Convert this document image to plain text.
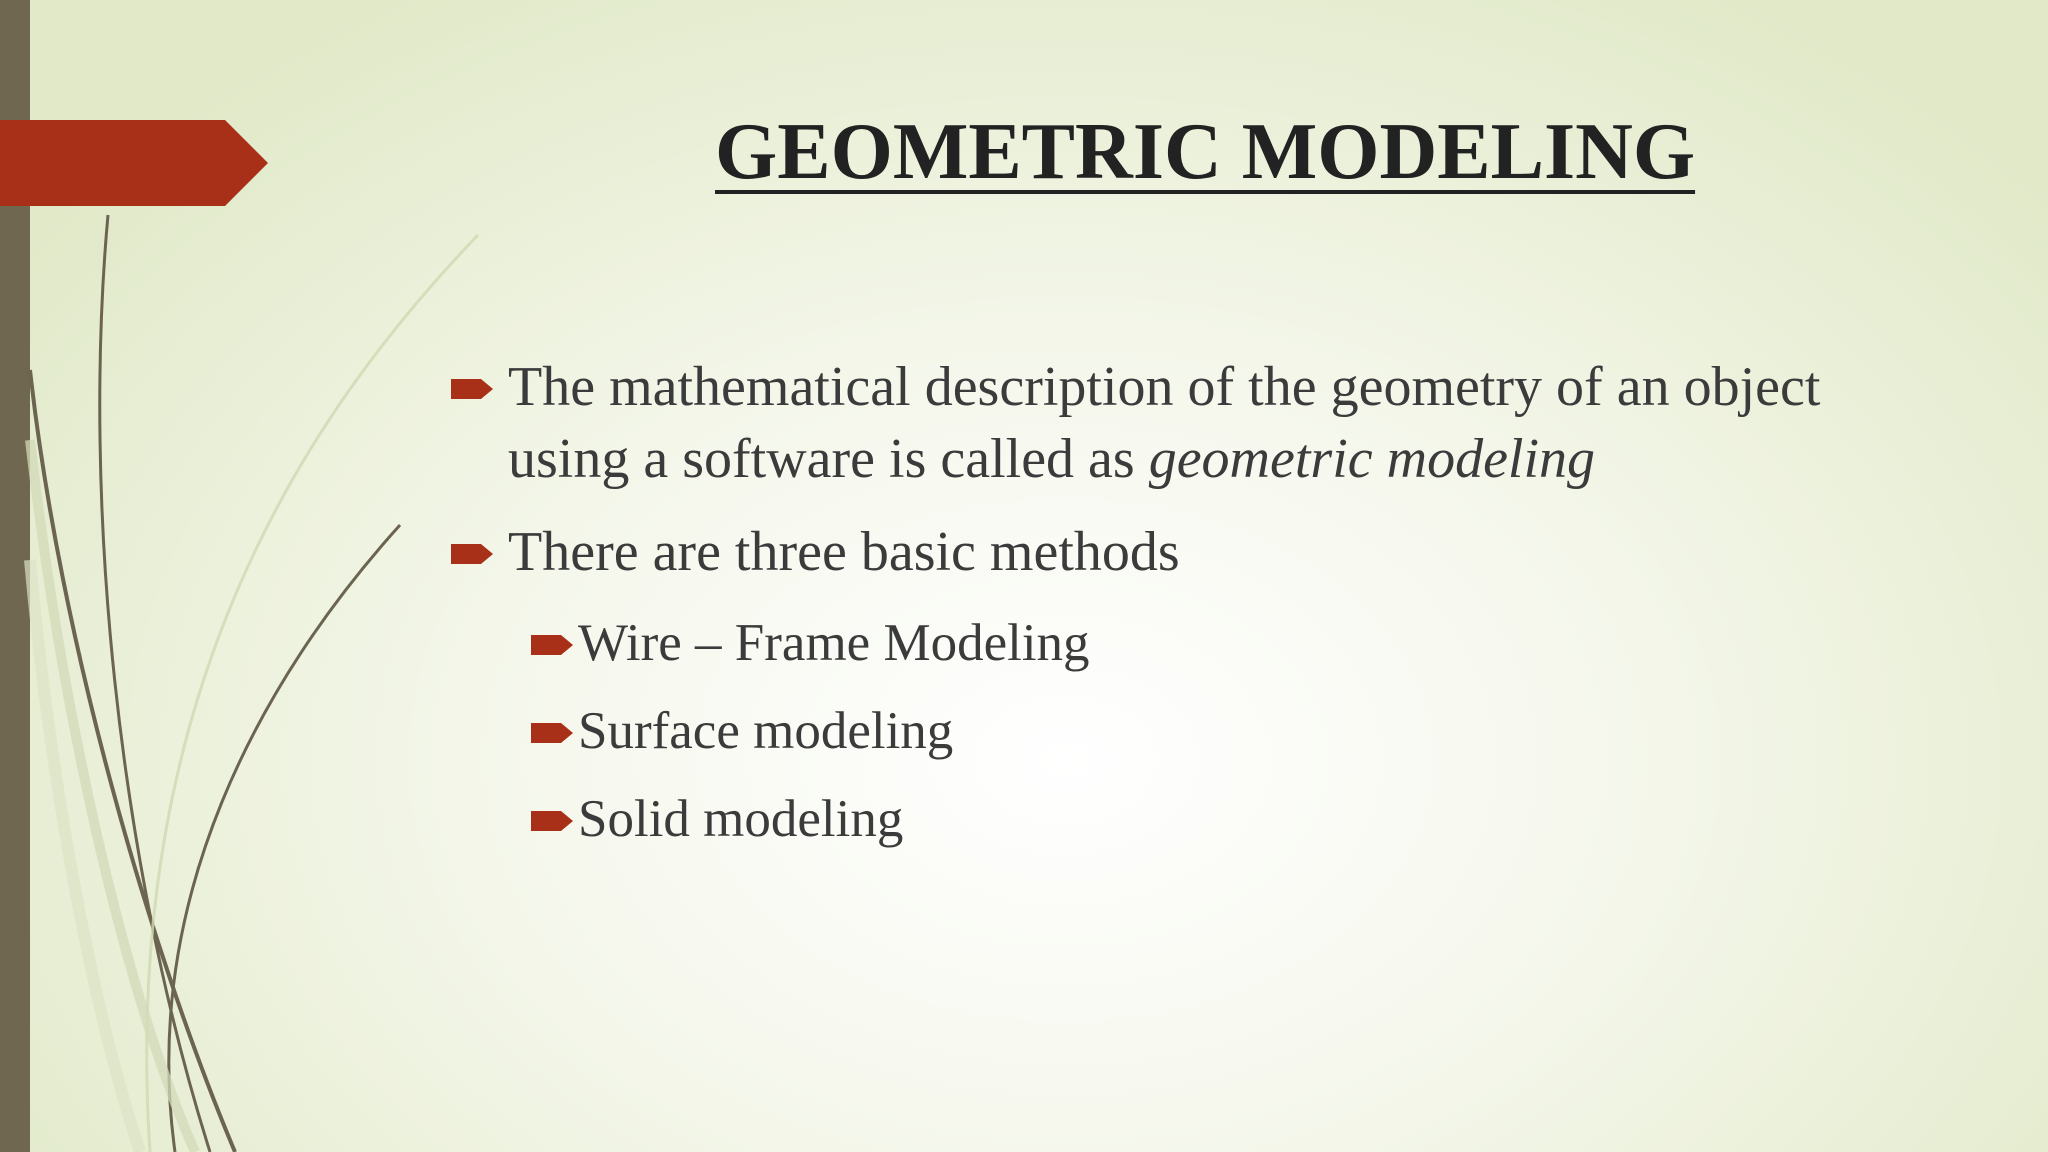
GEOMETRIC MODELING
The mathematical description of the geometry of an object using a software is called as geometric modeling
There are three basic methods
Wire – Frame Modeling
Surface modeling
Solid modeling
